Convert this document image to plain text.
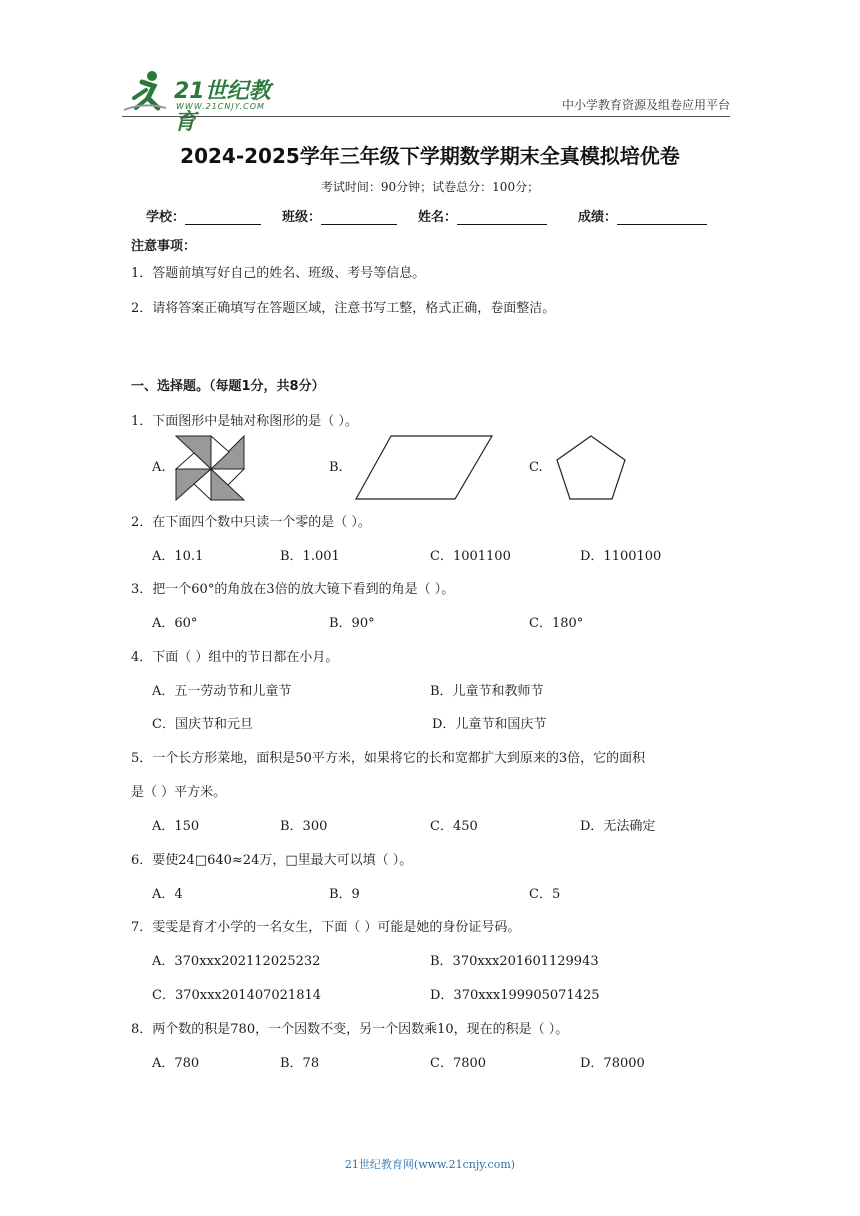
21世纪教育
WWW.21CNJY.COM	中小学教育资源及组卷应用平台
2024-2025学年三年级下学期数学期末全真模拟培优卷
考试时间：90分钟；试卷总分：100分；
学校：	班级：	姓名：	成绩：
注意事项：
1．答题前填写好自己的姓名、班级、考号等信息。
2．请将答案正确填写在答题区域，注意书写工整，格式正确，卷面整洁。
一、选择题。（每题1分，共8分）
1．下面图形中是轴对称图形的是（ ）。
A.	B.	C.
2．在下面四个数中只读一个零的是（ ）。
A．10.1	B．1.001	C．1001100	D．1100100
3．把一个60°的角放在3倍的放大镜下看到的角是（ ）。
A．60°	B．90°	C．180°
4．下面（ ）组中的节日都在小月。
A．五一劳动节和儿童节	B．儿童节和教师节
C．国庆节和元旦	D．儿童节和国庆节
5．一个长方形菜地，面积是50平方米，如果将它的长和宽都扩大到原来的3倍，它的面积
是（ ）平方米。
A．150	B．300	C．450	D．无法确定
6．要使24□640≈24万，□里最大可以填（ ）。
A．4	B．9	C．5
7．雯雯是育才小学的一名女生，下面（ ）可能是她的身份证号码。
A．370xxx202112025232	B．370xxx201601129943
C．370xxx201407021814	D．370xxx199905071425
8．两个数的积是780，一个因数不变，另一个因数乘10，现在的积是（ ）。
A．780	B．78	C．7800	D．78000
21世纪教育网(www.21cnjy.com)
